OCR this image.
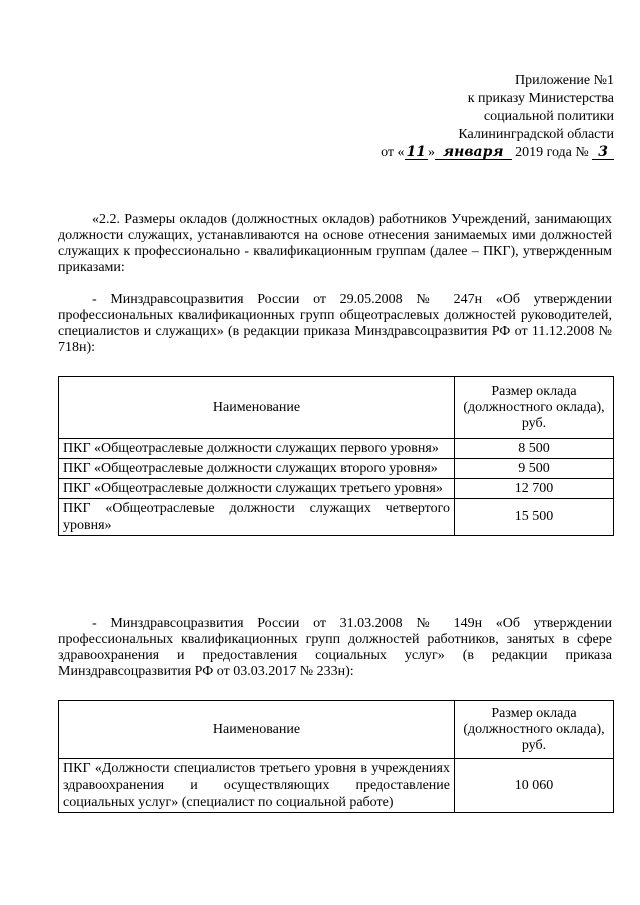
Приложение №1
к приказу Министерства
социальной политики
Калининградской области
от « 11 » января 2019 года № 3
«2.2. Размеры окладов (должностных окладов) работников Учреждений, занимающих должности служащих, устанавливаются на основе отнесения занимаемых ими должностей служащих к профессионально - квалификационным группам (далее – ПКГ), утвержденным приказами:
- Минздравсоцразвития России от 29.05.2008 № 247н «Об утверждении профессиональных квалификационных групп общеотраслевых должностей руководителей, специалистов и служащих» (в редакции приказа Минздравсоцразвития РФ от 11.12.2008 № 718н):
Наименование	Размер оклада (должностного оклада), руб.
ПКГ «Общеотраслевые должности служащих первого уровня»	8 500
ПКГ «Общеотраслевые должности служащих второго уровня»	9 500
ПКГ «Общеотраслевые должности служащих третьего уровня»	12 700
ПКГ «Общеотраслевые должности служащих четвертого уровня»	15 500
- Минздравсоцразвития России от 31.03.2008 № 149н «Об утверждении профессиональных квалификационных групп должностей работников, занятых в сфере здравоохранения и предоставления социальных услуг» (в редакции приказа Минздравсоцразвития РФ от 03.03.2017 № 233н):
Наименование	Размер оклада (должностного оклада), руб.
ПКГ «Должности специалистов третьего уровня в учреждениях здравоохранения и осуществляющих предоставление социальных услуг» (специалист по социальной работе)	10 060
